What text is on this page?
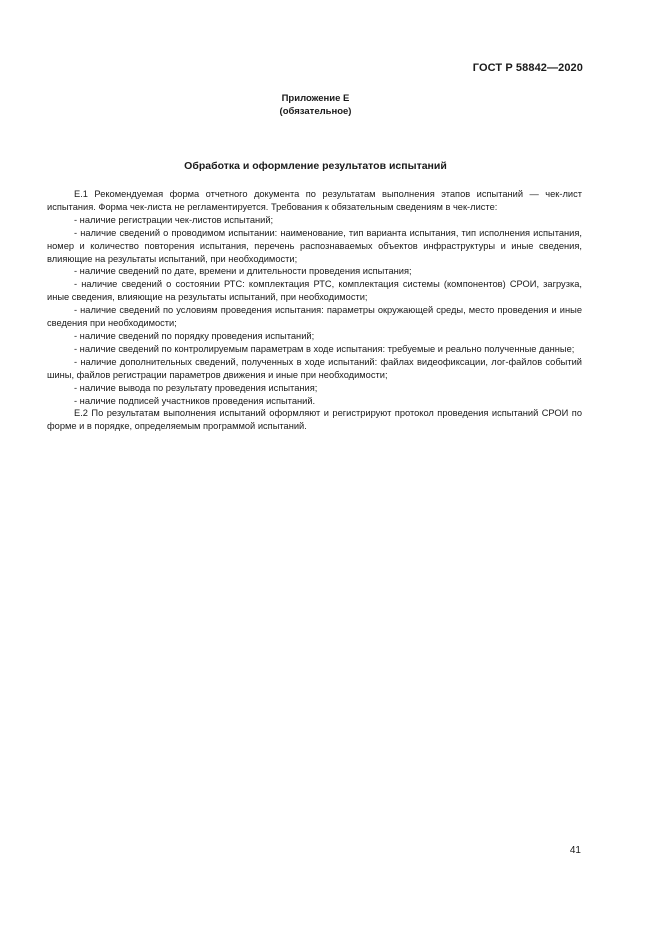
ГОСТ Р 58842—2020
Приложение Е
(обязательное)
Обработка и оформление результатов испытаний

Е.1 Рекомендуемая форма отчетного документа по результатам выполнения этапов испытаний — чек-лист испытания. Форма чек-листа не регламентируется. Требования к обязательным сведениям в чек-листе:

- наличие регистрации чек-листов испытаний;

- наличие сведений о проводимом испытании: наименование, тип варианта испытания, тип исполнения испытания, номер и количество повторения испытания, перечень распознаваемых объектов инфраструктуры и иные сведения, влияющие на результаты испытаний, при необходимости;

- наличие сведений по дате, времени и длительности проведения испытания;

- наличие сведений о состоянии РТС: комплектация РТС, комплектация системы (компонентов) СРОИ, загрузка, иные сведения, влияющие на результаты испытаний, при необходимости;

- наличие сведений по условиям проведения испытания: параметры окружающей среды, место проведения и иные сведения при необходимости;

- наличие сведений по порядку проведения испытаний;

- наличие сведений по контролируемым параметрам в ходе испытания: требуемые и реально полученные данные;

- наличие дополнительных сведений, полученных в ходе испытаний: файлах видеофиксации, лог-файлов событий шины, файлов регистрации параметров движения и иные при необходимости;

- наличие вывода по результату проведения испытания;

- наличие подписей участников проведения испытаний.

Е.2 По результатам выполнения испытаний оформляют и регистрируют протокол проведения испытаний СРОИ по форме и в порядке, определяемым программой испытаний.

41
